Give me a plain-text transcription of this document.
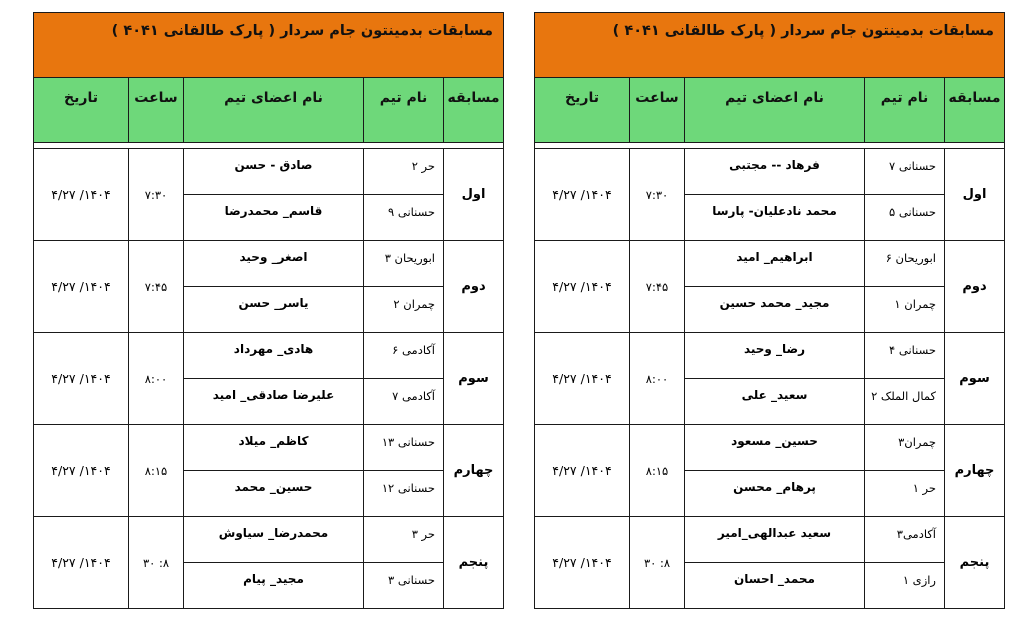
مسابقات بدمینتون جام سردار ( پارک طالقانی ۴۰۴۱ )				
مسابقه	نام تیم	نام اعضای تیم	ساعت	تاریخ

اول	حسنانی ۷	فرهاد -- مجتبی	۷:۳۰	۱۴۰۴/ ۴/۲۷
	حسنانی ۵	محمد نادعلیان- پارسا		
دوم	ابوریحان ۶	ابراهیم_ امید	۷:۴۵	۱۴۰۴/ ۴/۲۷
	چمران ۱	مجید_ محمد حسین		
سوم	حسنانی ۴	رضا_ وحید	۸:۰۰	۱۴۰۴/ ۴/۲۷
	کمال الملک ۲	سعید_ علی		
چهارم	چمران۳	حسین_ مسعود	۸:۱۵	۱۴۰۴/ ۴/۲۷
	حر ۱	پرهام_ محسن		
پنجم	آکادمی۳	سعید عبدالهی_امیر	۸: ۳۰	۱۴۰۴/ ۴/۲۷
	رازی ۱	محمد_ احسان		
مسابقات بدمینتون جام سردار ( پارک طالقانی ۴۰۴۱ )				
مسابقه	نام تیم	نام اعضای تیم	ساعت	تاریخ

اول	حر ۲	صادق - حسن	۷:۳۰	۱۴۰۴/ ۴/۲۷
	حسنانی ۹	قاسم_ محمدرضا		
دوم	ابوریحان ۳	اصغر_ وحید	۷:۴۵	۱۴۰۴/ ۴/۲۷
	چمران ۲	یاسر_ حسن		
سوم	آکادمی ۶	هادی_ مهرداد	۸:۰۰	۱۴۰۴/ ۴/۲۷
	آکادمی ۷	علیرضا صادقی_ امید		
چهارم	حسنانی ۱۳	کاظم_ میلاد	۸:۱۵	۱۴۰۴/ ۴/۲۷
	حسنانی ۱۲	حسین_ محمد		
پنجم	حر ۳	محمدرضا_ سیاوش	۸: ۳۰	۱۴۰۴/ ۴/۲۷
	حسنانی ۳	مجید_ پیام		
